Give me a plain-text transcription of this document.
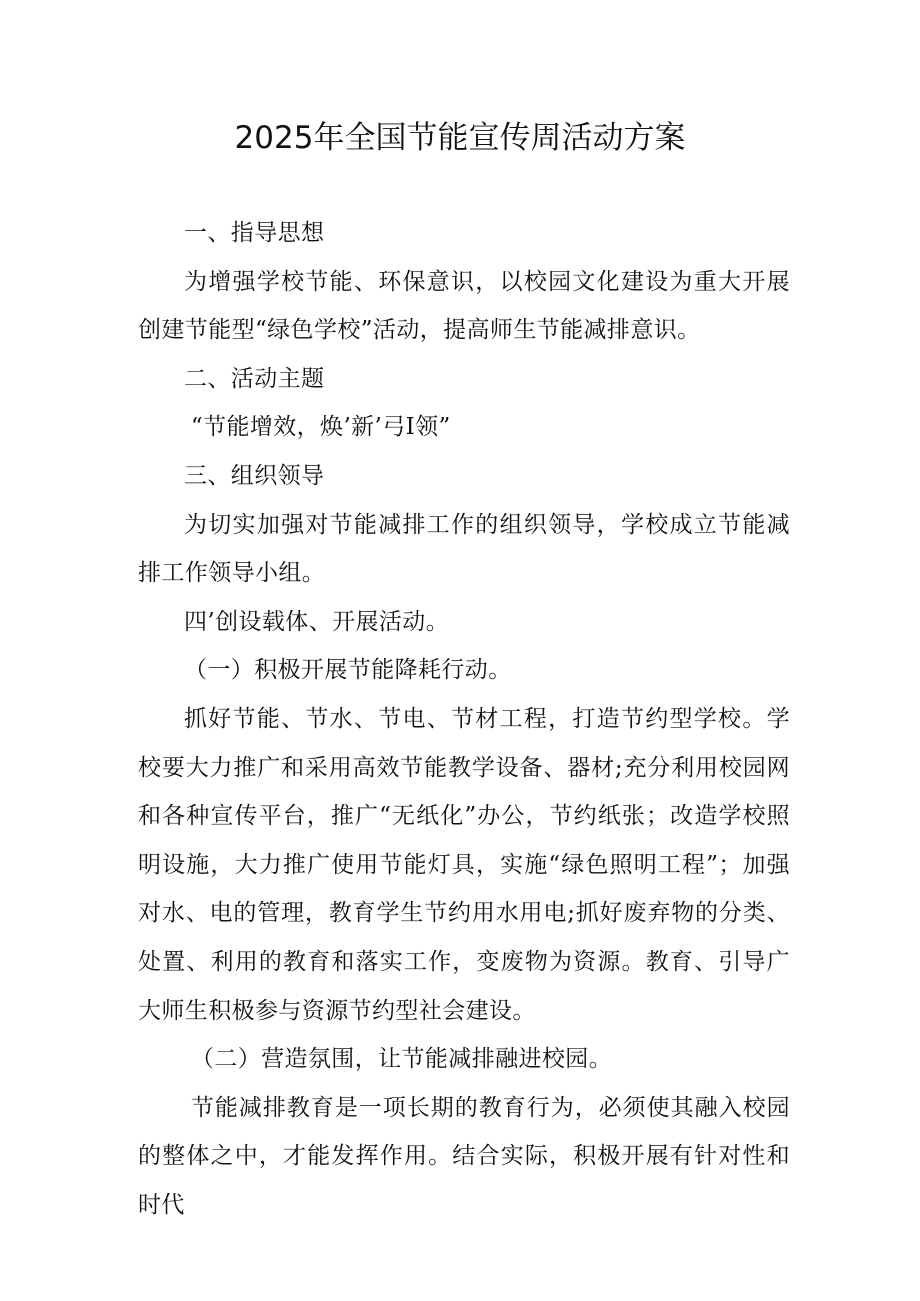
2025年全国节能宣传周活动方案

一、指导思想

为增强学校节能、环保意识，以校园文化建设为重大开展创建节能型“绿色学校”活动，提高师生节能减排意识。

二、活动主题

“节能增效，焕’新’弓I领”

三、组织领导

为切实加强对节能减排工作的组织领导，学校成立节能减排工作领导小组。

四’创设载体、开展活动。

（一）积极开展节能降耗行动。

抓好节能、节水、节电、节材工程，打造节约型学校。学校要大力推广和采用高效节能教学设备、器材;充分利用校园网和各种宣传平台，推广“无纸化”办公，节约纸张；改造学校照明设施，大力推广使用节能灯具，实施“绿色照明工程”；加强对水、电的管理，教育学生节约用水用电;抓好废弃物的分类、处置、利用的教育和落实工作，变废物为资源。教育、引导广大师生积极参与资源节约型社会建设。

（二）营造氛围，让节能减排融进校园。

节能减排教育是一项长期的教育行为，必须使其融入校园的整体之中，才能发挥作用。结合实际，积极开展有针对性和时代
